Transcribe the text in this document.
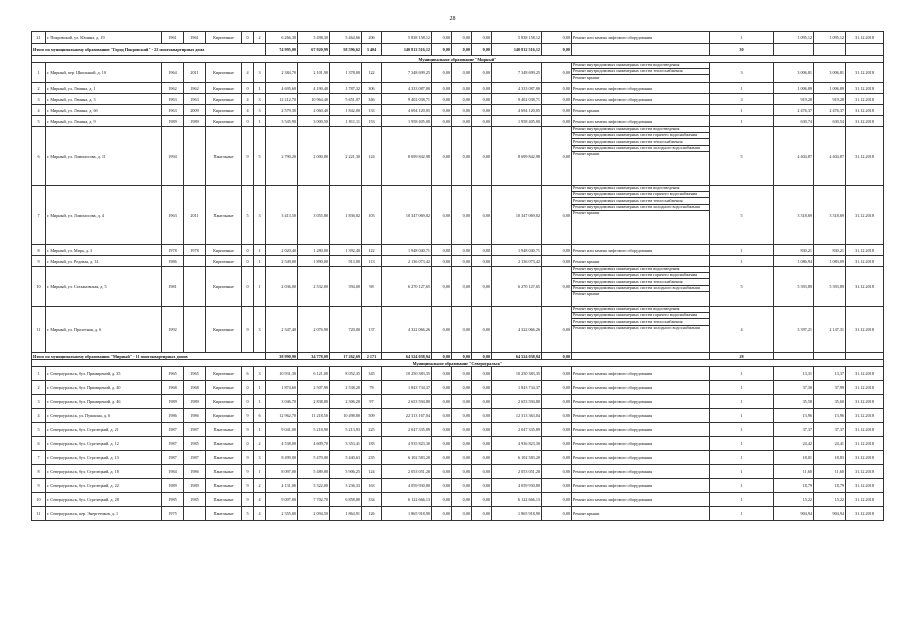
28
21	г. Покровский, ул. Юшина, д. 19	1961	1961	Кирпичные	0	2	6 266,30	5 498,30	5 464,66	206	5 838 158,12	0,00	0,00	0,00	5 838 158,12	0,00	Ремонт или замена лифтового оборудования	1	1 095,12	1 095,12	31.12.2018
Итого по муниципальному образованию "Город Покровский" - 22 многоквартирных дома							74 995,00	67 920,99	58 596,62	3 404	140 812 516,12	0,00	0,00	0,00	140 812 516,12	0,00		30			
Муниципальное образование "Мирный"																					
1	г. Мирный, пер. Школьный, д. 10	1964	2011	Кирпичные	4	3	2 384,70	2 101,90	1 378,00	122	7 348 699,25	0,00	0,00	0,00	7 348 699,25	0,00	Ремонт внутридомовых инженерных систем водоотведения
Ремонт внутридомовых инженерных систем теплоснабжения
Ремонт крыши	3	3 006,81	3 006,81	31.12.2018
2	г. Мирный, ул. Ленина, д. 1	1962	1962	Кирпичные	0	1	4 695,60	4 190,40	1 787,32	306	4 333 087,00	0,00	0,00	0,00	4 333 087,00	0,00	Ремонт или замена лифтового оборудования	1	1 006,89	1 006,89	31.12.2018
3	г. Мирный, ул. Ленина, д. 3	1963	1963	Кирпичные	4	3	12 212,70	10 964,40	5 651,07	346	9 402 038,71	0,00	0,00	0,00	9 402 038,71	0,00	Ремонт или замена лифтового оборудования	3	919,28	919,28	31.12.2018
4	г. Мирный, ул. Ленина, д. 6б	1963	2009	Кирпичные	4	3	2 579,30	2 060,40	1 842,00	133	4 694 120,05	0,00	0,00	0,00	4 694 120,05	0,00	Ремонт крыши	1	2 476,37	2 476,37	31.12.2018
5	г. Мирный, ул. Ленина, д. 9	1989	1989	Кирпичные	0	1	3 545,90	3 000,50	1 811,11	153	1 958 405,00	0,00	0,00	0,00	1 958 405,00	0,00	Ремонт или замена лифтового оборудования	1	630,74	630,54	31.12.2018
6	г. Мирный, ул. Ломоносова, д. 11	1994		Панельные	9	5	2 790,20	2 000,80	2 221,30	124	8 699 842,98	0,00	0,00	0,00	8 699 842,98	0,00	Ремонт внутридомовых инженерных систем водоотведения
Ремонт внутридомовых инженерных систем горячего водоснабжения
Ремонт внутридомовых инженерных систем теплоснабжения
Ремонт внутридомовых инженерных систем холодного водоснабжения
Ремонт крыши	5	4 404,87	4 404,87	31.12.2018
7	г. Мирный, ул. Ломоносова, д. 4	1963	2011	Панельные	5	3	3 413,50	3 055,80	1 836,82	103	10 347 069,02	0,00	0,00	0,00	10 347 069,02	0,00	Ремонт внутридомовых инженерных систем водоотведения
Ремонт внутридомовых инженерных систем горячего водоснабжения
Ремонт внутридомовых инженерных систем теплоснабжения
Ремонт внутридомовых инженерных систем холодного водоснабжения
Ремонт крыши	5	3 318,69	3 318,69	31.12.2018
8	г. Мирный, ул. Мира, д. 3	1978	1978	Кирпичные	0	1	2 020,40	1 280,00	1 392,40	122	1 948 040,71	0,00	0,00	0,00	1 948 040,71	0,00	Ремонт или замена лифтового оборудования	1	830,21	830,21	31.12.2018
9	г. Мирный, ул. Родовая, д. 14	1986		Кирпичные	0	1	2 549,00	1 890,00	913,00	113	2 136 073,42	0,00	0,00	0,00	2 136 073,42	0,00	Ремонт крыши	1	1 086,94	1 083,09	31.12.2018
10	г. Мирный, ул. Стахановская, д. 5	1981		Кирпичные	0	1	2 036,00	2 532,00	594,00	98	6 270 127,65	0,00	0,00	0,00	6 270 127,65	0,00	Ремонт внутридомовых инженерных систем водоотведения
Ремонт внутридомовых инженерных систем горячего водоснабжения
Ремонт внутридомовых инженерных систем теплоснабжения
Ремонт внутридомовых инженерных систем холодного водоснабжения
Ремонт крыши	5	5 393,89	5 393,89	31.12.2018
11	г. Мирный, ул. Пролетная, д. 6	1992		Кирпичные	9	3	2 347,40	2 076,90	720,00	137	4 322 066,26	0,00	0,00	0,00	4 322 066,26	0,00	Ремонт внутридомовых инженерных систем водоотведения
Ремонт внутридомовых инженерных систем горячего водоснабжения
Ремонт внутридомовых инженерных систем теплоснабжения
Ремонт внутридомовых инженерных систем холодного водоснабжения	4	3 397,21	2 147,31	31.12.2018
Итого по муниципальному образованию "Мирный" - 11 многоквартирных домов							38 990,90	34 778,09	17 262,69	2 171	64 524 038,94	0,00	0,00	0,00	64 524 038,94	0,00		28			
Муниципальное образование "Североуральск"																					
1	г. Североуральск, бул. Примирений, д. 35	1965	1965	Кирпичные	6	3	10 931,30	6 121,00	8 052,35	345	10 250 383,35	0,00	0,00	0,00	10 250 383,35	0,00	Ремонт или замена лифтового оборудования	1	13,31	13,37	31.12.2018
2	г. Североуральск, бул. Примирений, д. 40	1968	1968	Кирпичные	0	1	1 874,60	2 507,90	2 538,20	78	1 843 734,37	0,00	0,00	0,00	1 843 734,37	0,00	Ремонт или замена лифтового оборудования	1	37,30	37,99	31.12.2018
3	г. Североуральск, бул. Примирений, д. 46	1989	1989	Кирпичные	0	1	3 046,70	2 838,80	2 306,20	97	2 653 594,80	0,00	0,00	0,00	2 653 594,80	0,00	Ремонт или замена лифтового оборудования	1	35,58	35,60	31.12.2018
4	г. Североуральск, ул. Пушкина, д. 6	1986	1986	Кирпичные	9	6	12 962,70	11 218,50	10 498,80	509	22 313 167,04	0,00	0,00	0,00	12 313 363,04	0,00	Ремонт или замена лифтового оборудования	1	13,96	13,96	31.12.2018
5	г. Североуральск, бул. Стрелецкий, д. 21	1987	1987	Панельные	9	1	9 041,00	5 218,90	5 213,93	225	2 047 335,89	0,00	0,00	0,00	2 047 335,89	0,00	Ремонт или замена лифтового оборудования	1	37,37	37,37	31.12.2018
6	г. Североуральск, бул. Стрелецкий, д. 12	1987	1985	Панельные	0	2	4 538,00	4 609,70	3 353,41	183	4 935 823,30	0,00	0,00	0,00	4 936 823,30	0,00	Ремонт или замена лифтового оборудования	1	24,42	24,41	31.12.2018
7	г. Североуральск, бул. Стрелецкий, д. 13	1987	1987	Панельные	9	3	8 499,00	5 470,00	5 440,63	235	6 102 583,20	0,00	0,00	0,00	6 102 583,20	0,00	Ремонт или замена лифтового оборудования	1	18,01	18,83	31.12.2018
8	г. Североуральск, бул. Стрелецкий, д. 18	1984	1986	Панельные	9	1	8 097,00	5 489,00	5 906,25	124	2 053 051,20	0,00	0,00	0,00	2 053 051,20	0,00	Ремонт или замена лифтового оборудования	1	11,60	11,60	31.12.2018
9	г. Североуральск, бул. Стрелецкий, д. 22	1989	1989	Панельные	9	2	4 131,00	5 322,00	3 236,33	163	4 059 930,80	0,00	0,00	0,00	4 059 930,80	0,00	Ремонт или замена лифтового оборудования	1	18,79	18,79	31.12.2018
10	г. Североуральск, бул. Стрелецкий, д. 28	1985	1985	Панельные	9	4	9 007,00	7 702,70	6 858,80	334	6 122 666,13	0,00	0,00	0,00	6 122 666,13	0,00	Ремонт или замена лифтового оборудования	1	15,22	15,22	31.12.2018
11	г. Североуральск, пер. Энергетиков, д. 1	1975		Панельные	5	4	2 355,00	2 094,50	1 864,91	126	1 865 918,90	0,00	0,00	0,00	1 865 918,90	0,00	Ремонт крыши	1	904,94	904,94	31.12.2018
